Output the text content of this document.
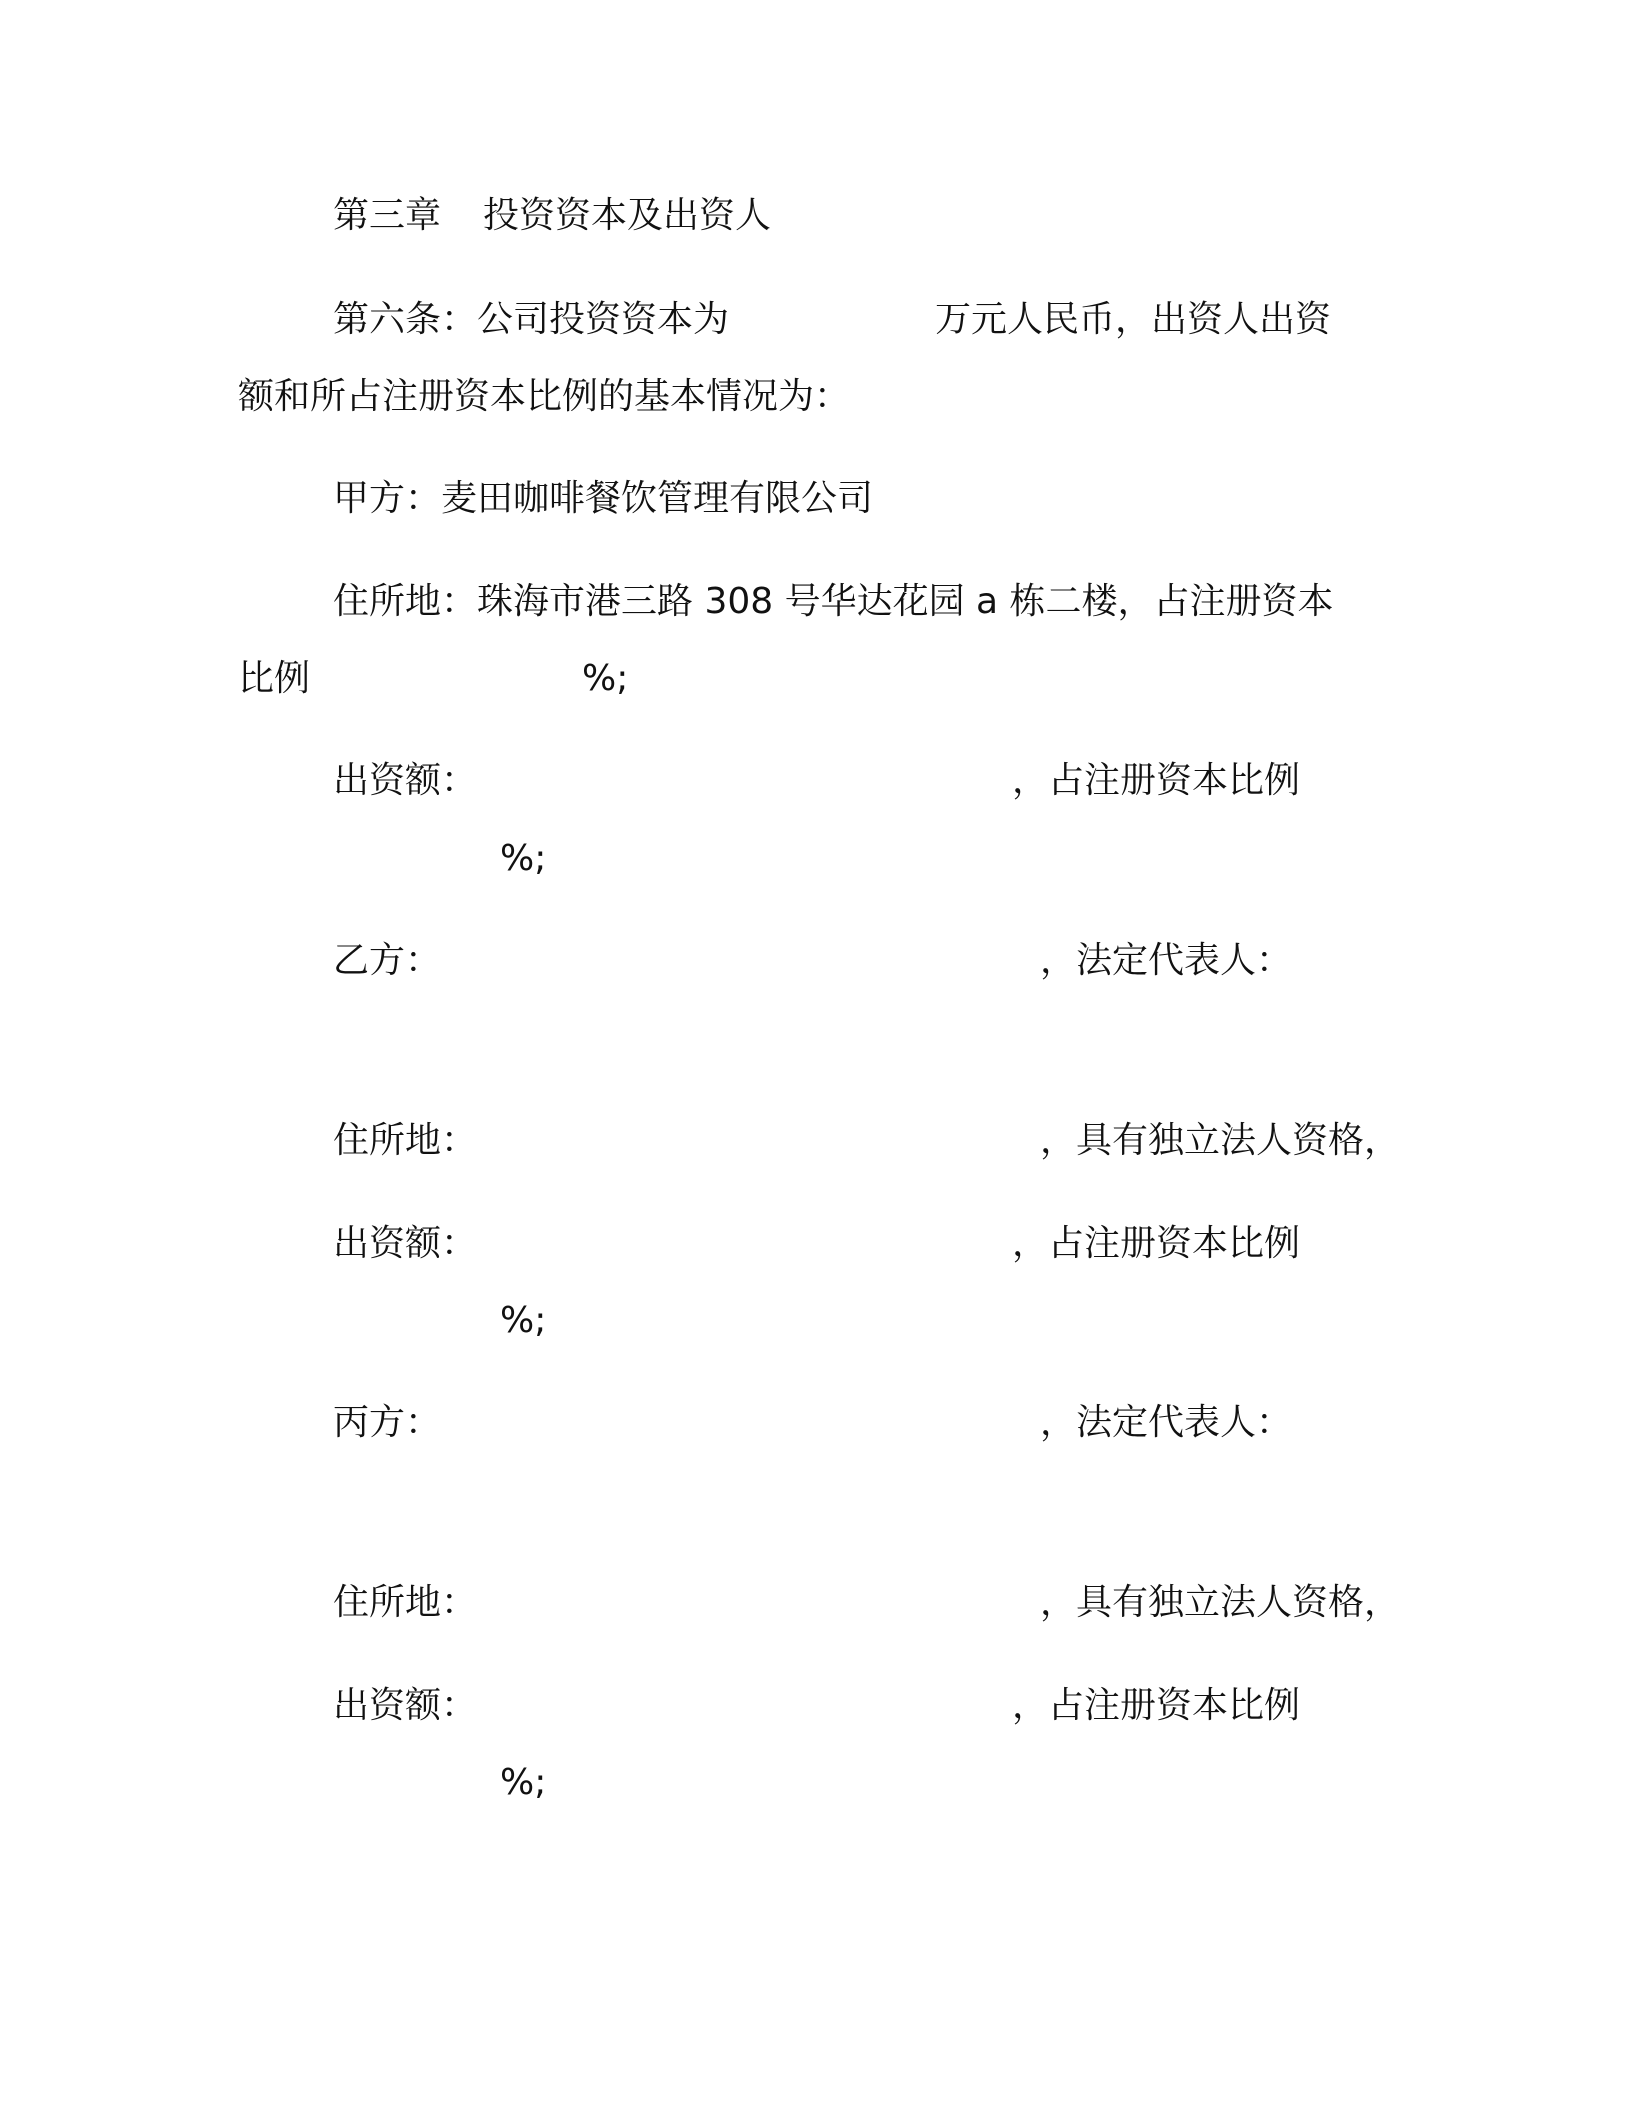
第三章 投资资本及出资人
第六条：公司投资资本为	万元人民币，出资人出资
额和所占注册资本比例的基本情况为：
甲方：麦田咖啡餐饮管理有限公司
住所地：珠海市港三路 308 号华达花园 a 栋二楼，占注册资本
比例	%;
出资额：	，占注册资本比例
%;
乙方：	，法定代表人：
住所地：	，具有独立法人资格，
出资额：	，占注册资本比例
%;
丙方：	，法定代表人：
住所地：	，具有独立法人资格，
出资额：	，占注册资本比例
%;
